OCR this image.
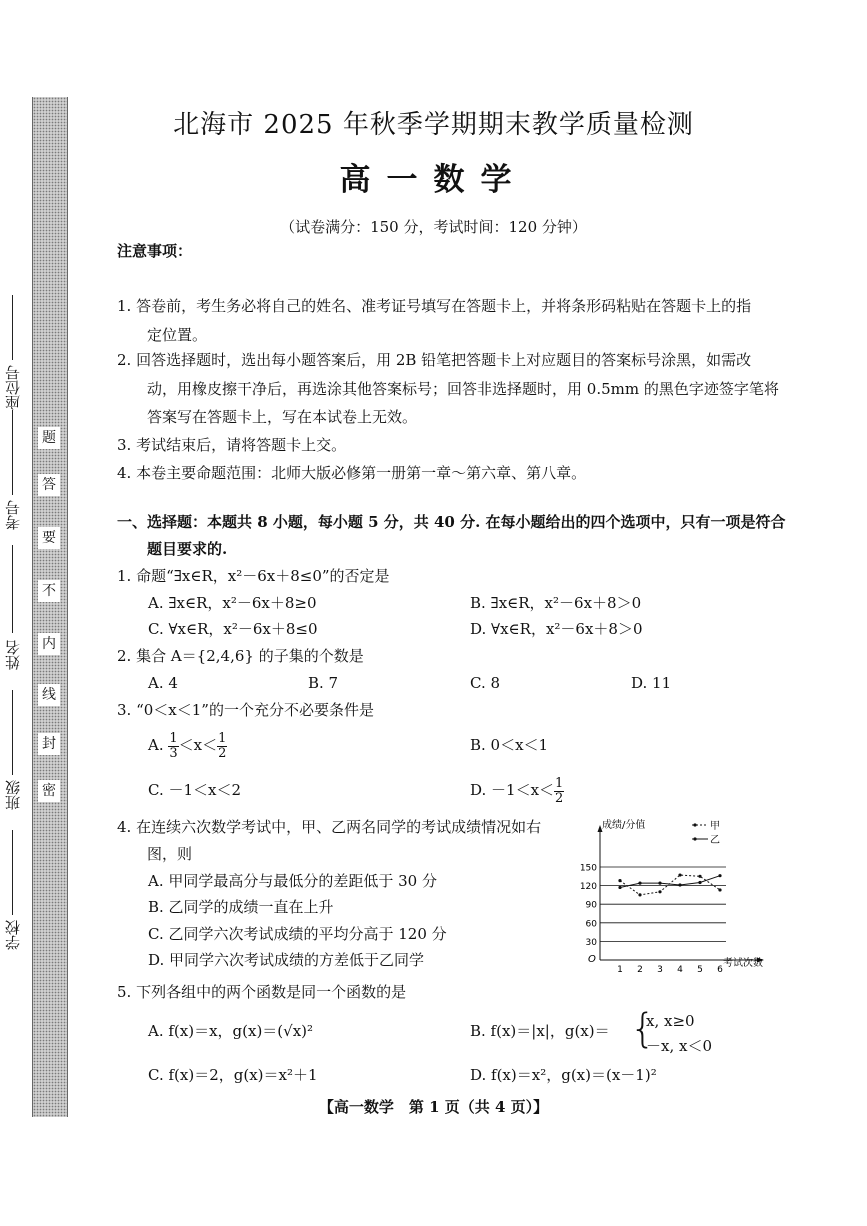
题
答
要
不
内
线
封
密
学校
班级
姓名
考号
座位号
北海市 2025 年秋季学期期末教学质量检测
高一数学
（试卷满分：150 分，考试时间：120 分钟）
注意事项：
1. 答卷前，考生务必将自己的姓名、准考证号填写在答题卡上，并将条形码粘贴在答题卡上的指
定位置。
2. 回答选择题时，选出每小题答案后，用 2B 铅笔把答题卡上对应题目的答案标号涂黑，如需改
动，用橡皮擦干净后，再选涂其他答案标号；回答非选择题时，用 0.5mm 的黑色字迹签字笔将
答案写在答题卡上，写在本试卷上无效。
3. 考试结束后，请将答题卡上交。
4. 本卷主要命题范围：北师大版必修第一册第一章～第六章、第八章。
一、选择题：本题共 8 小题，每小题 5 分，共 40 分. 在每小题给出的四个选项中，只有一项是符合
题目要求的.
1. 命题“∃x∈R，x²－6x＋8≤0”的否定是
A. ∃x∈R，x²－6x＋8≥0	B. ∃x∈R，x²－6x＋8＞0
C. ∀x∈R，x²－6x＋8≤0	D. ∀x∈R，x²－6x＋8＞0
2. 集合 A＝{2,4,6} 的子集的个数是
A. 4	B. 7	C. 8	D. 11
3. “0＜x＜1”的一个充分不必要条件是
A. $\frac{1}{3} <x< \frac{1}{2}$	B. 0＜x＜1
C. －1＜x＜2	D. $-1<x< \frac{1}{2}$
4. 在连续六次数学考试中，甲、乙两名同学的考试成绩情况如右
图，则
A. 甲同学最高分与最低分的差距低于 30 分
B. 乙同学的成绩一直在上升
C. 乙同学六次考试成绩的平均分高于 120 分
D. 甲同学六次考试成绩的方差低于乙同学
30
60
90
120
150
1 2 3 4 5 6
成绩/分值
考试次数
O
甲
乙
5. 下列各组中的两个函数是同一个函数的是
A. f(x)＝x，g(x)＝(√x)²	B. f(x)＝|x|，g(x)＝ {
x, x≥0
－x, x＜0
C. f(x)＝2，g(x)＝x²＋1	D. f(x)＝x²，g(x)＝(x－1)²
【高一数学　第 1 页（共 4 页）】
